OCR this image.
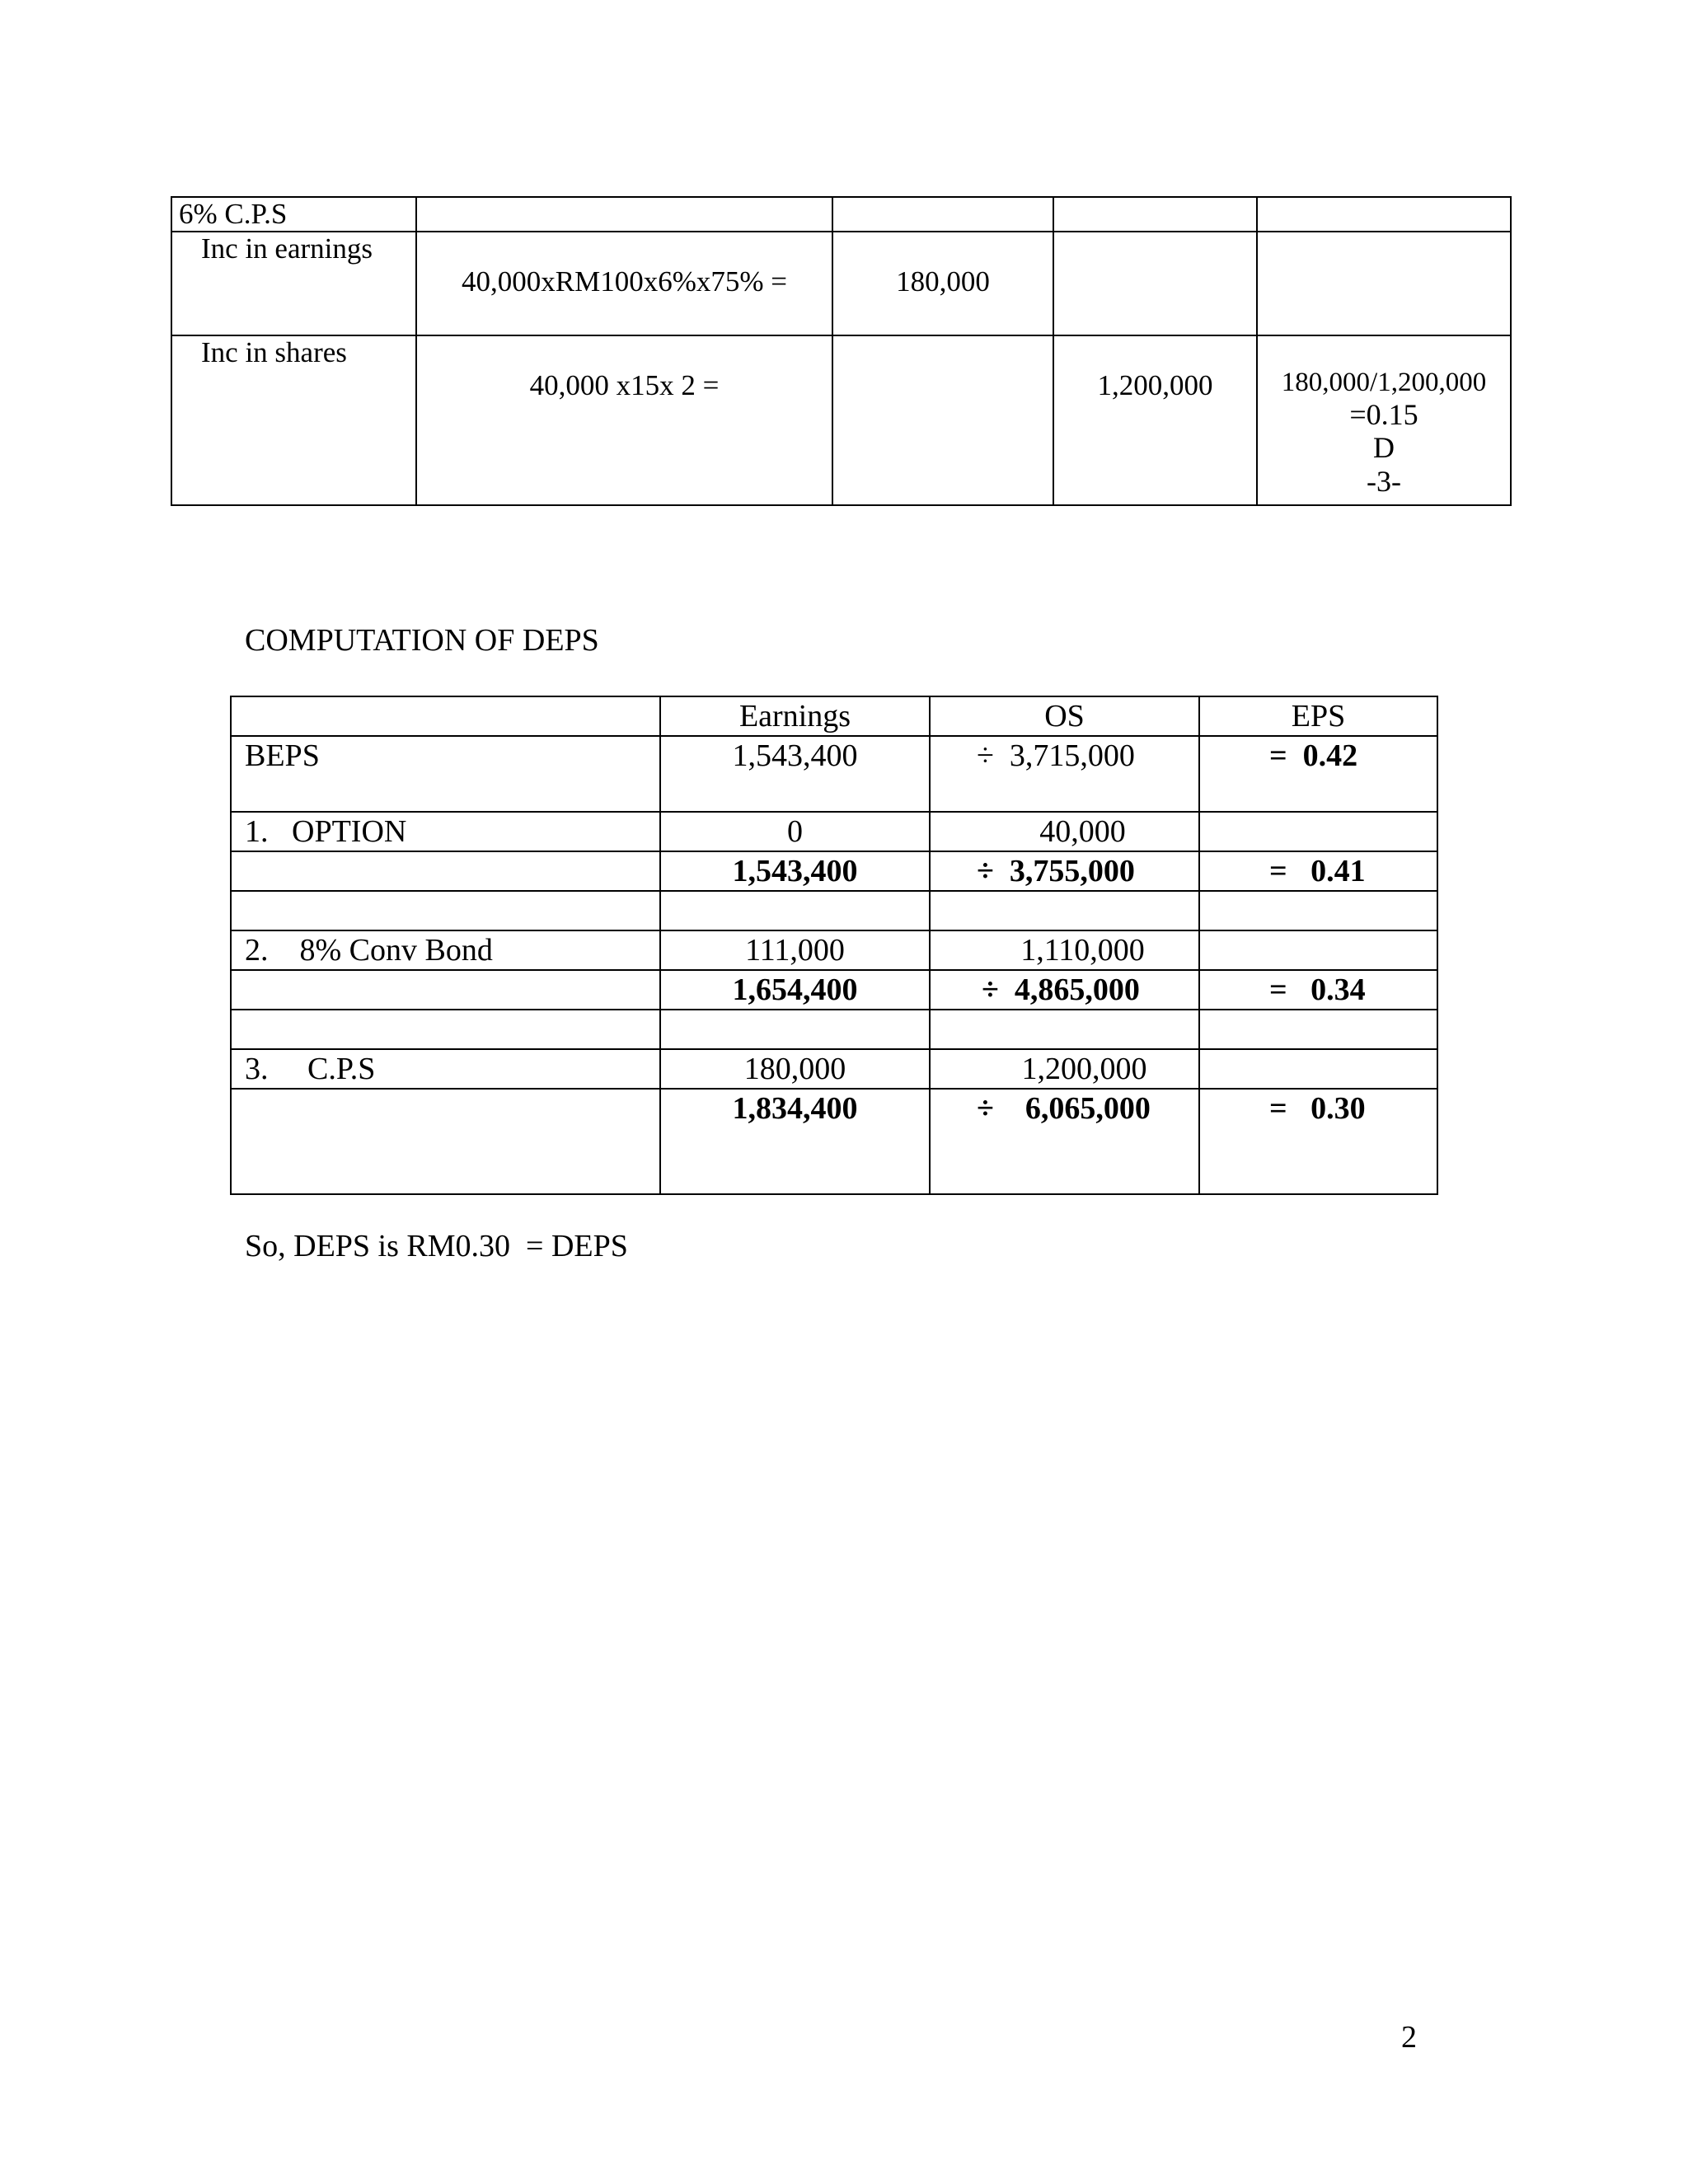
6% C.P.S				
Inc in earnings	40,000xRM100x6%x75% =	180,000		

Inc in shares	40,000 x15x 2 =		1,200,000	180,000/1,200,000
=0.15
D
-3-

COMPUTATION OF DEPS

	Earnings	OS	EPS
BEPS	1,543,400	÷  3,715,000	=  0.42
1.   OPTION	0	40,000	
	1,543,400	÷  3,755,000	=   0.41

2.    8% Conv Bond	111,000	1,110,000	
	1,654,400	÷  4,865,000	=   0.34

3.     C.P.S	180,000	1,200,000	
	1,834,400	÷    6,065,000	=   0.30

So, DEPS is RM0.30  = DEPS

2
